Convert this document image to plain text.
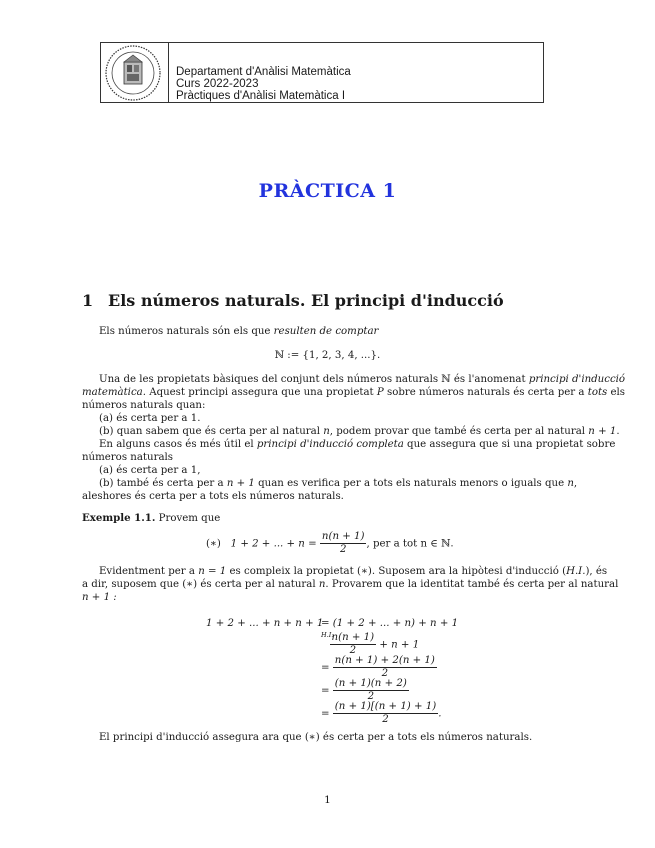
Departament d'Anàlisi Matemàtica
Curs 2022-2023
Pràctiques d'Anàlisi Matemàtica I
PRÀCTICA 1
1 Els números naturals. El principi d'inducció
Els números naturals són els que resulten de comptar
ℕ := {1, 2, 3, 4, ...}.
Una de les propietats bàsiques del conjunt dels números naturals ℕ és l'anomenat principi d'inducció
matemàtica. Aquest principi assegura que una propietat P sobre números naturals és certa per a tots els
números naturals quan:
(a) és certa per a 1.
(b) quan sabem que és certa per al natural n, podem provar que també és certa per al natural n + 1.
En alguns casos és més útil el principi d'inducció completa que assegura que si una propietat sobre
números naturals
(a) és certa per a 1,
(b) també és certa per a n + 1 quan es verifica per a tots els naturals menors o iguals que n,
aleshores és certa per a tots els números naturals.
Exemple 1.1. Provem que
(∗) 1 + 2 + ... + $n = \frac{n(n + 1)}{2}$ , per a tot n ∈ ℕ.
Evidentment per a n = 1 es compleix la propietat (∗). Suposem ara la hipòtesi d'inducció (H.I.), és
a dir, suposem que (∗) és certa per al natural n. Provarem que la identitat també és certa per al natural
n + 1 :
1 + 2 + ... + n + n + 1
= (1 + 2 + ... + n) + n + 1
H.I.
$\frac{n(n + 1)}{2} + n + 1$
= $\frac{n(n + 1) + 2(n + 1)}{2}$
= $\frac{(n + 1)(n + 2)}{2}$
= $\frac{(n + 1)[(n + 1) + 1)}{2}$ .
El principi d'inducció assegura ara que (∗) és certa per a tots els números naturals.
1
